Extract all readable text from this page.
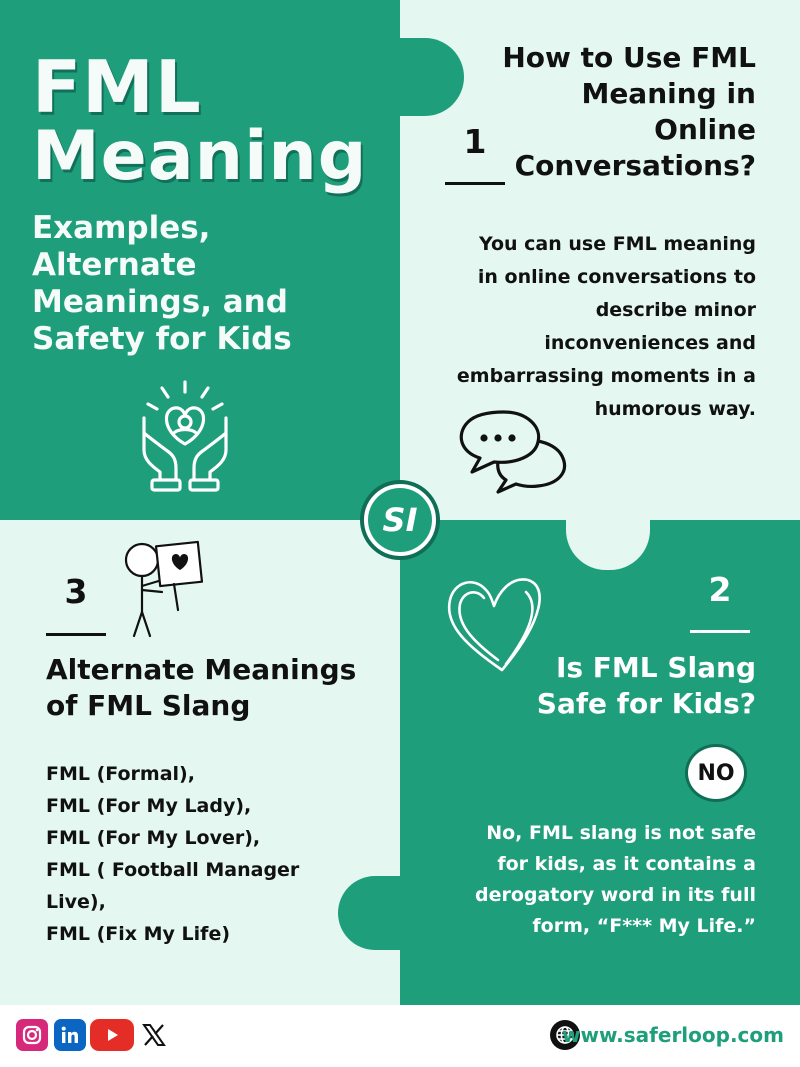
FML
Meaning
Examples,
Alternate
Meanings, and
Safety for Kids
How to Use FML
Meaning in
Online
Conversations?
1
You can use FML meaning
in online conversations to
describe minor
inconveniences and
embarrassing moments in a
humorous way.
SI
3
Alternate Meanings
of FML Slang
FML (Formal),
FML (For My Lady),
FML (For My Lover),
FML ( Football Manager
Live),
FML (Fix My Life)
2
Is FML Slang
Safe for Kids?
NO
No, FML slang is not safe
for kids, as it contains a
derogatory word in its full
form, “F*** My Life.”
www.saferloop.com
